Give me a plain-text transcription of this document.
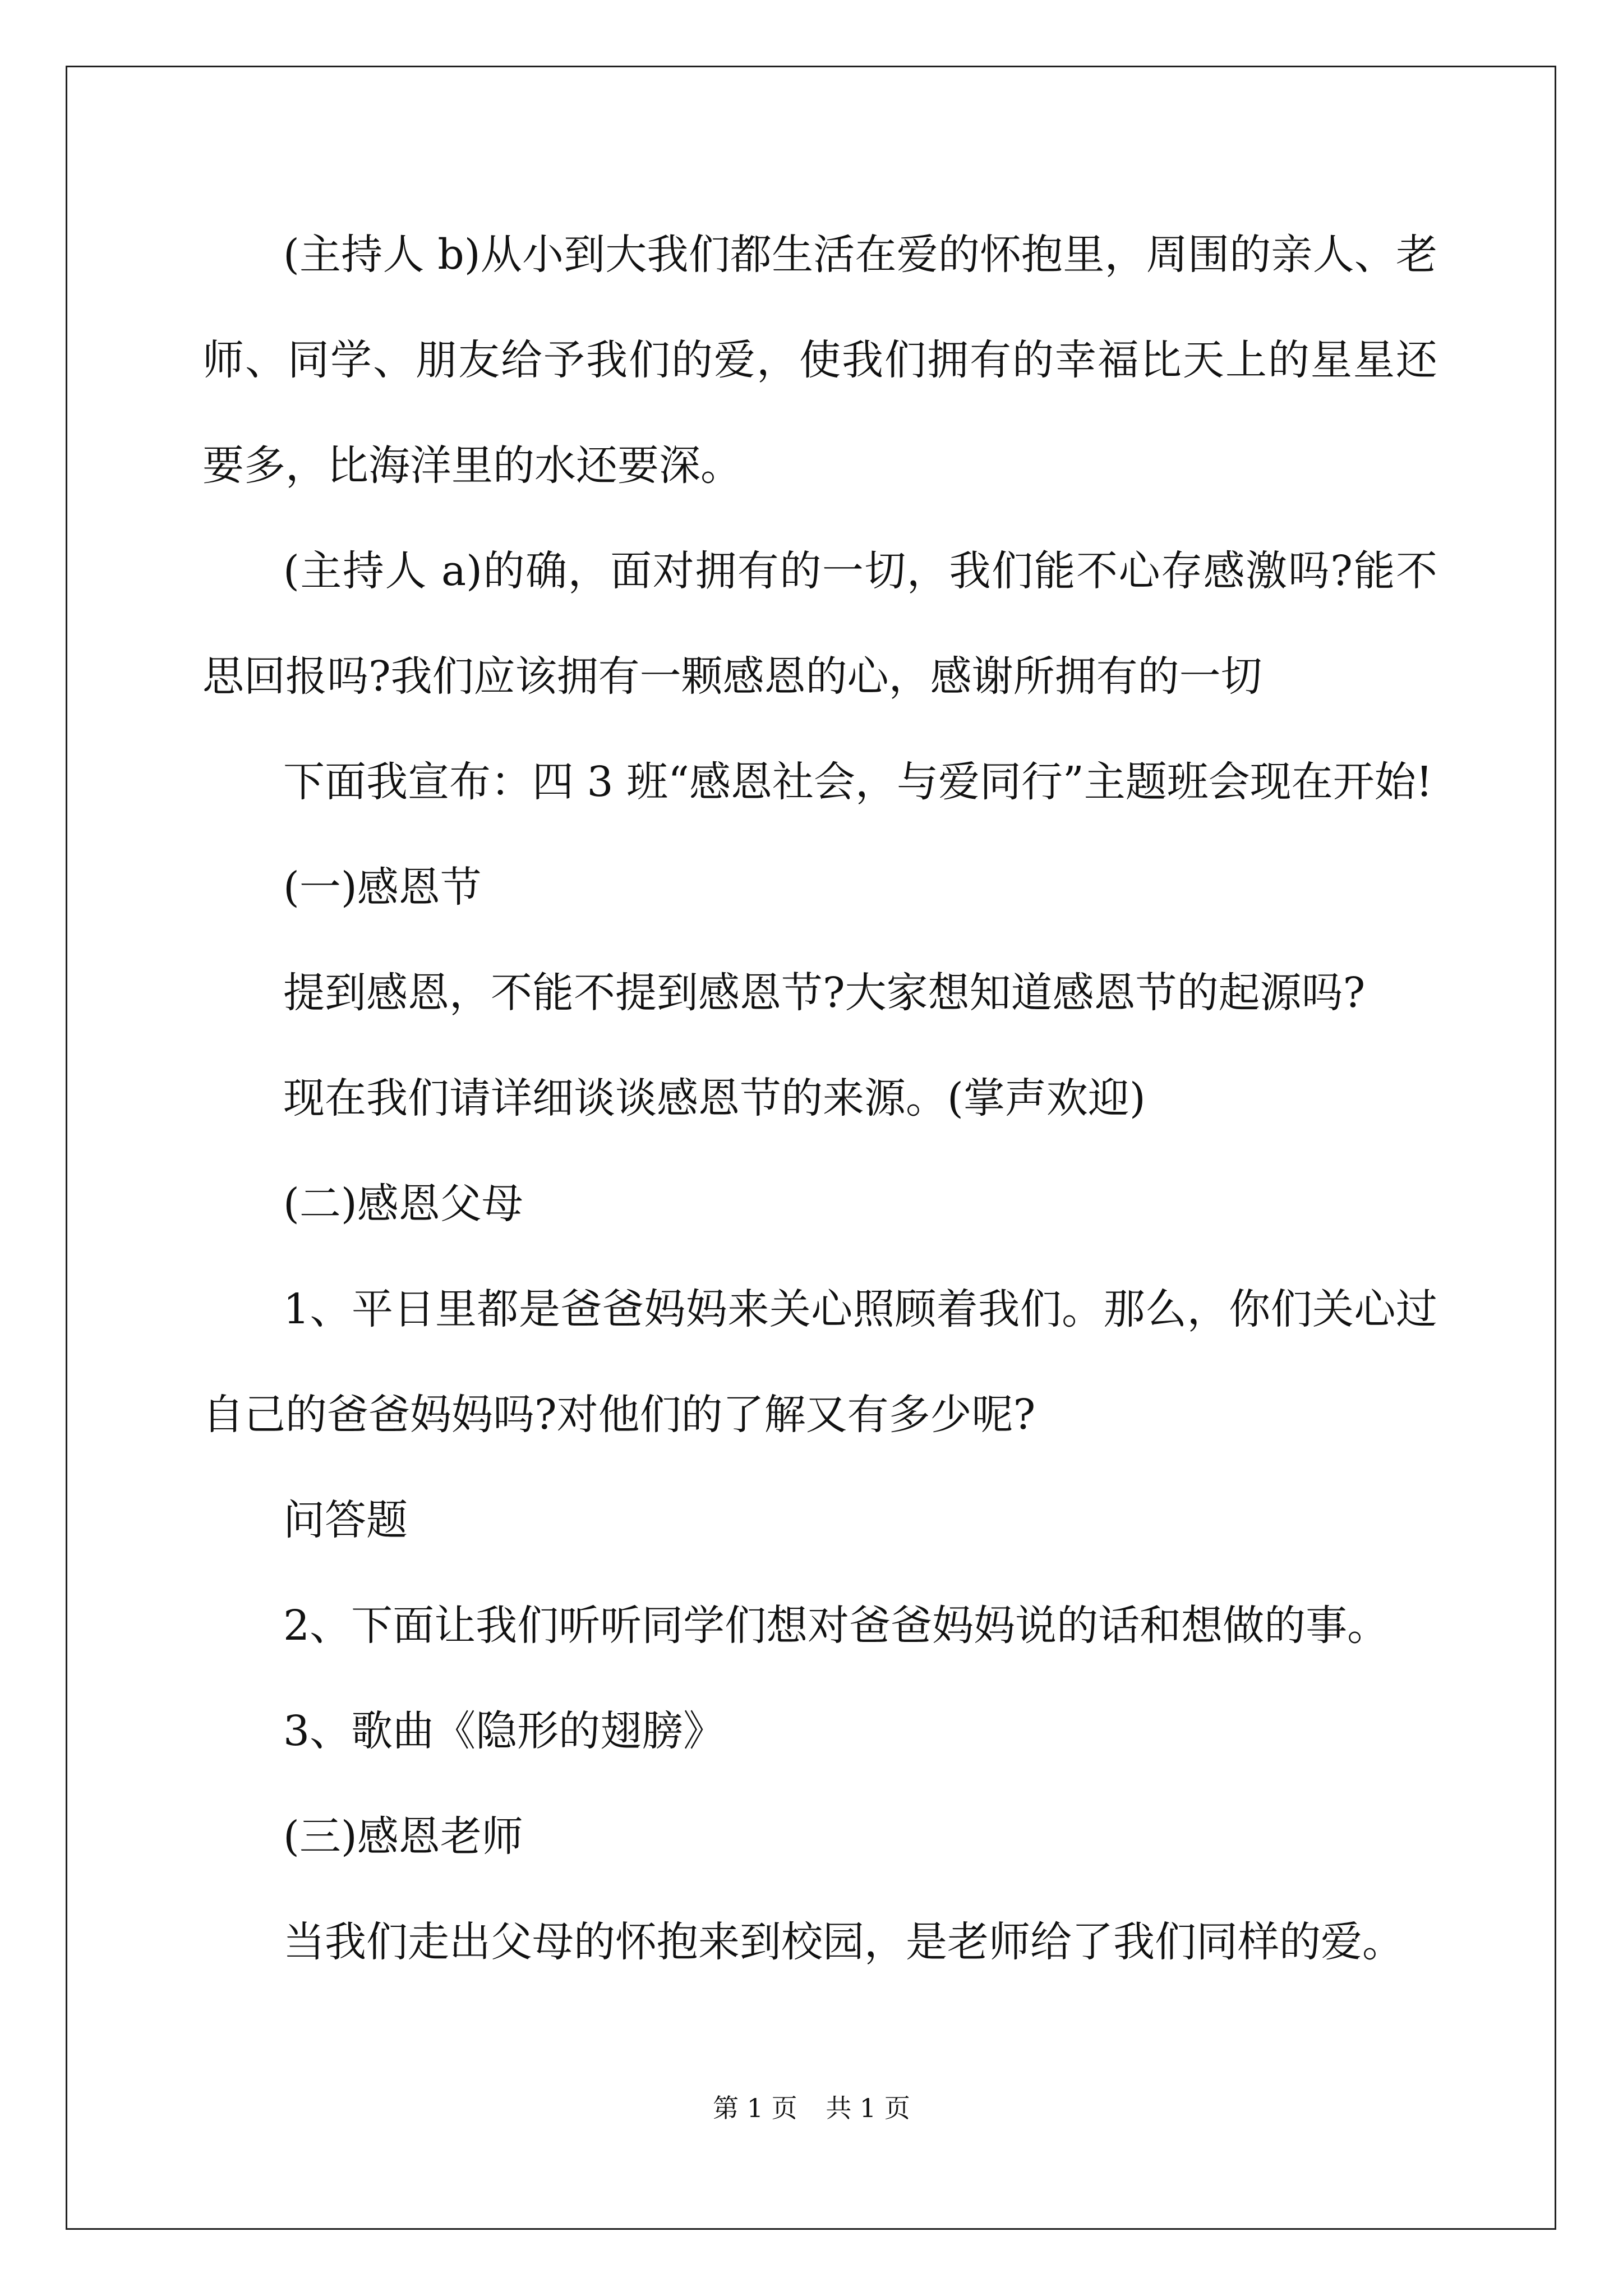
(主持人 b)从小到大我们都生活在爱的怀抱里，周围的亲人、老师、同学、朋友给予我们的爱，使我们拥有的幸福比天上的星星还要多，比海洋里的水还要深。

(主持人 a)的确，面对拥有的一切，我们能不心存感激吗?能不思回报吗?我们应该拥有一颗感恩的心，感谢所拥有的一切

下面我宣布：四 3 班“感恩社会，与爱同行”主题班会现在开始!

(一)感恩节

提到感恩，不能不提到感恩节?大家想知道感恩节的起源吗?

现在我们请详细谈谈感恩节的来源。(掌声欢迎)

(二)感恩父母

1、平日里都是爸爸妈妈来关心照顾着我们。那么，你们关心过自己的爸爸妈妈吗?对他们的了解又有多少呢?

问答题

2、下面让我们听听同学们想对爸爸妈妈说的话和想做的事。

3、歌曲《隐形的翅膀》

(三)感恩老师

当我们走出父母的怀抱来到校园，是老师给了我们同样的爱。

第 1 页 共 1 页
